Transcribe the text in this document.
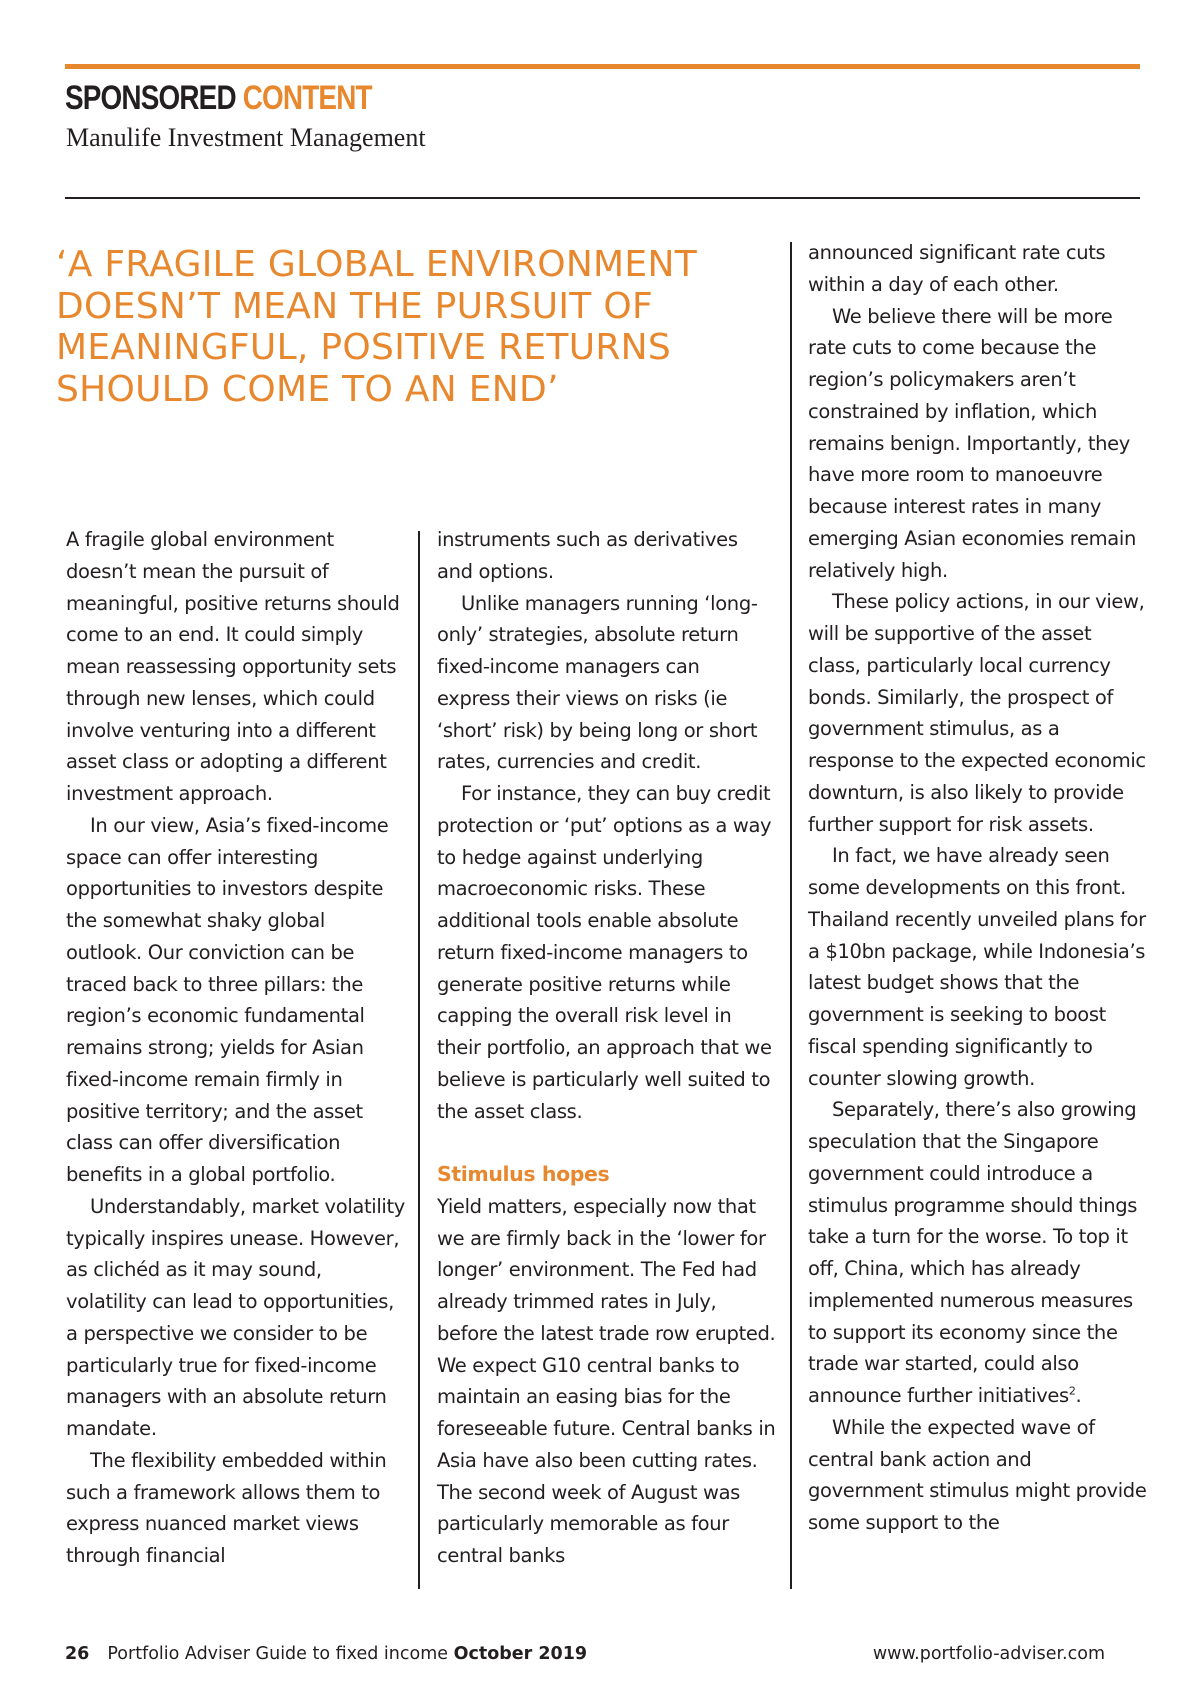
SPONSORED CONTENT
Manulife Investment Management
‘A FRAGILE GLOBAL ENVIRONMENT DOESN’T MEAN THE PURSUIT OF MEANINGFUL, POSITIVE RETURNS SHOULD COME TO AN END’

A fragile global environment doesn’t mean the pursuit of meaningful, positive returns should come to an end. It could simply mean reassessing opportunity sets through new lenses, which could involve venturing into a different asset class or adopting a different investment approach.

In our view, Asia’s fixed-income space can offer interesting opportunities to investors despite the somewhat shaky global outlook. Our conviction can be traced back to three pillars: the region’s economic fundamental remains strong; yields for Asian fixed-income remain firmly in positive territory; and the asset class can offer diversification benefits in a global portfolio.

Understandably, market volatility typically inspires unease. However, as clichéd as it may sound, volatility can lead to opportunities, a perspective we consider to be particularly true for fixed-income managers with an absolute return mandate.

The flexibility embedded within such a framework allows them to express nuanced market views through financial

instruments such as derivatives and options.

Unlike managers running ‘long-only’ strategies, absolute return fixed-income managers can express their views on risks (ie ‘short’ risk) by being long or short rates, currencies and credit.

For instance, they can buy credit protection or ‘put’ options as a way to hedge against underlying macroeconomic risks. These additional tools enable absolute return fixed-income managers to generate positive returns while capping the overall risk level in their portfolio, an approach that we believe is particularly well suited to the asset class.

Stimulus hopes

Yield matters, especially now that we are firmly back in the ‘lower for longer’ environment. The Fed had already trimmed rates in July, before the latest trade row erupted. We expect G10 central banks to maintain an easing bias for the foreseeable future. Central banks in Asia have also been cutting rates. The second week of August was particularly memorable as four central banks

announced significant rate cuts within a day of each other.

We believe there will be more rate cuts to come because the region’s policymakers aren’t constrained by inflation, which remains benign. Importantly, they have more room to manoeuvre because interest rates in many emerging Asian economies remain relatively high.

These policy actions, in our view, will be supportive of the asset class, particularly local currency bonds. Similarly, the prospect of government stimulus, as a response to the expected economic downturn, is also likely to provide further support for risk assets.

In fact, we have already seen some developments on this front. Thailand recently unveiled plans for a $10bn package, while Indonesia’s latest budget shows that the government is seeking to boost fiscal spending significantly to counter slowing growth.

Separately, there’s also growing speculation that the Singapore government could introduce a stimulus programme should things take a turn for the worse. To top it off, China, which has already implemented numerous measures to support its economy since the trade war started, could also announce further initiatives$^2$.

While the expected wave of central bank action and government stimulus might provide some support to the

26 Portfolio Adviser Guide to fixed income October 2019	www.portfolio-adviser.com
